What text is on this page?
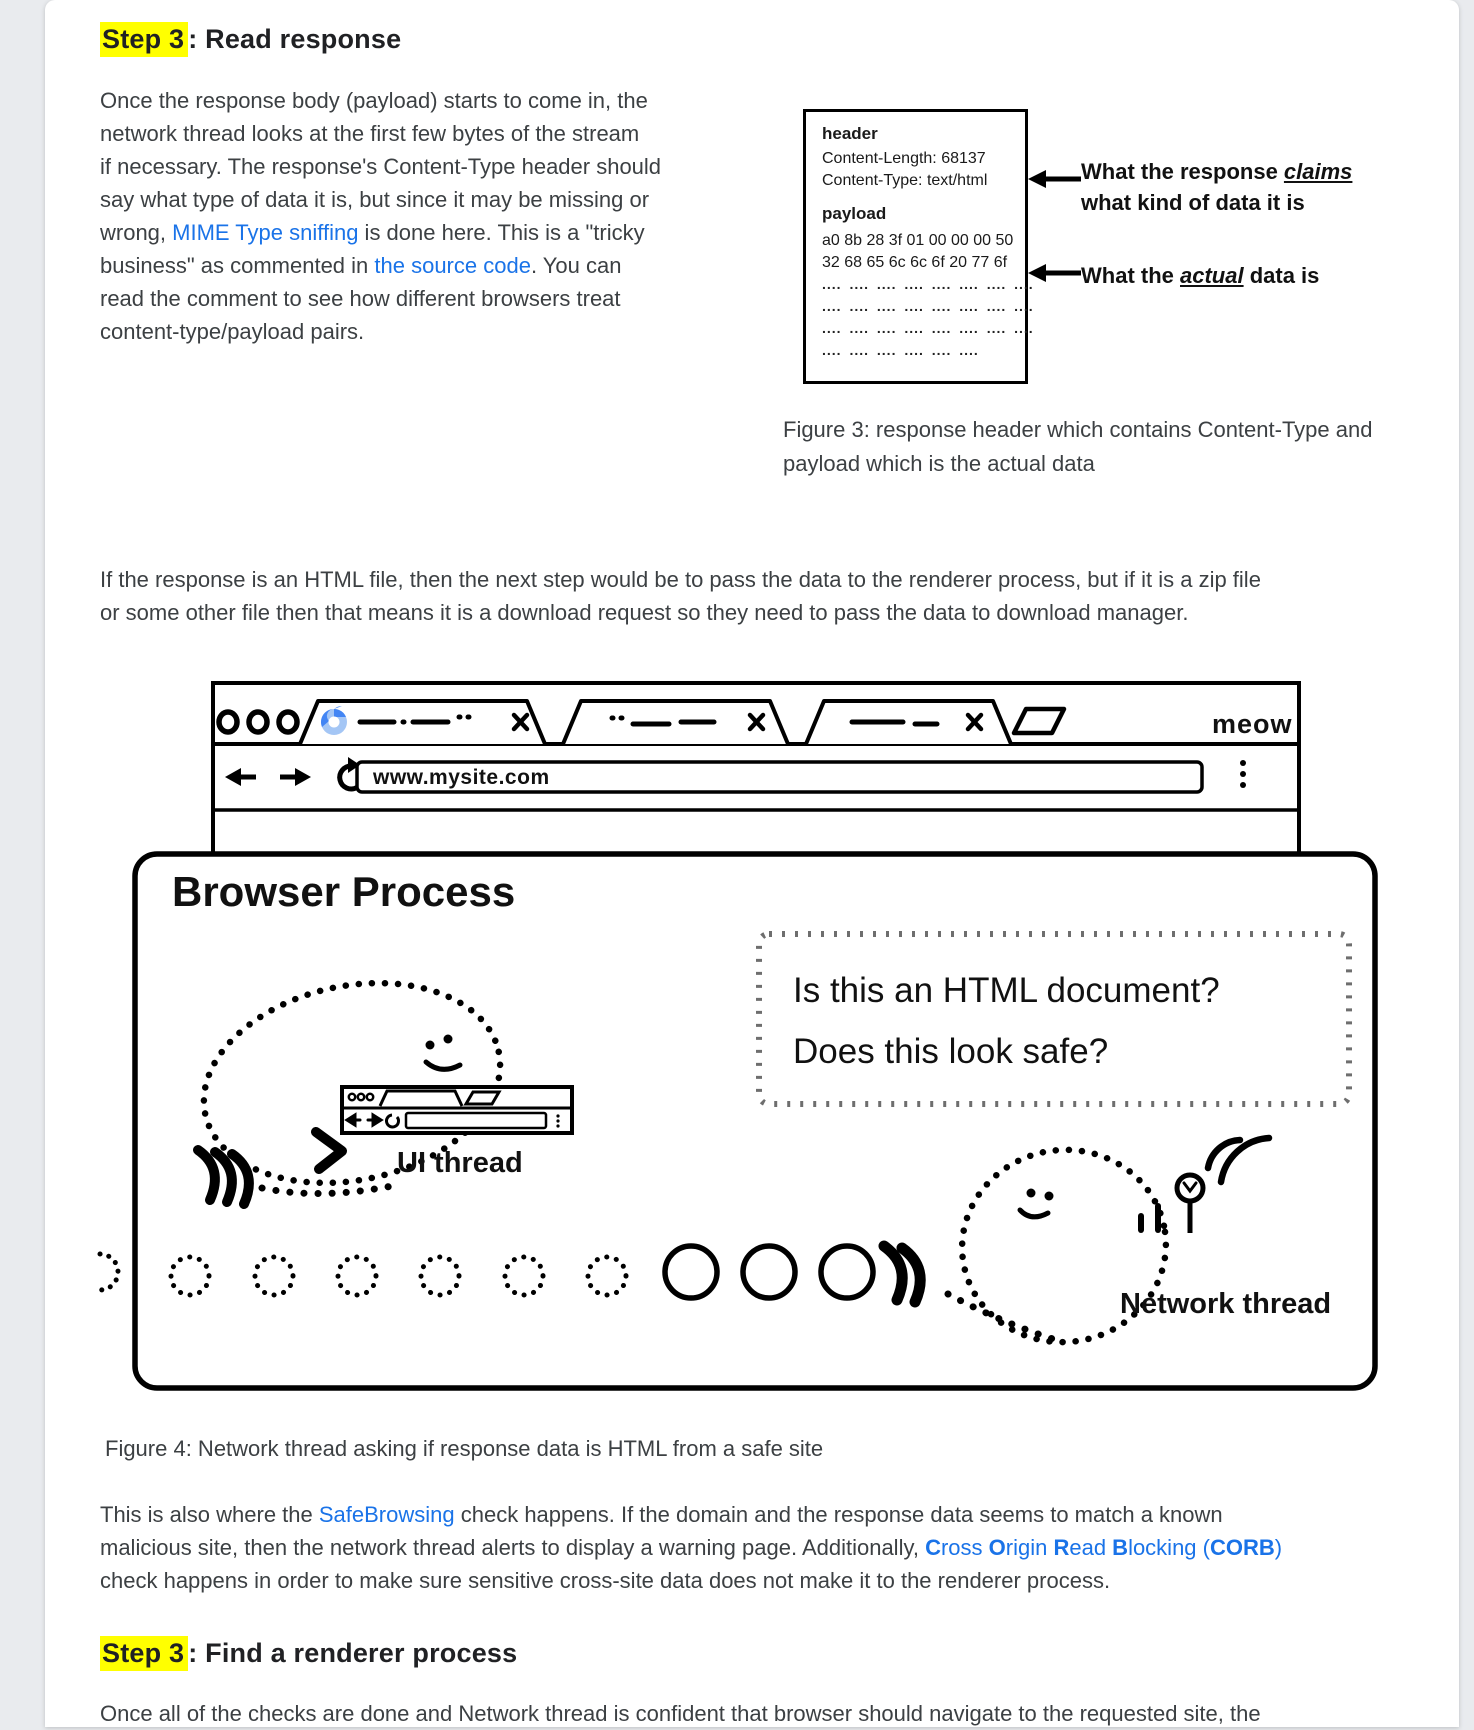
Step 3 : Read response
Once the response body (payload) starts to come in, the
network thread looks at the first few bytes of the stream
if necessary. The response's Content-Type header should
say what type of data it is, but since it may be missing or
wrong, MIME Type sniffing is done here. This is a "tricky
business" as commented in the source code. You can
read the comment to see how different browsers treat
content-type/payload pairs.
header
Content-Length: 68137
Content-Type: text/html
payload
a0 8b 28 3f 01 00 00 00 50
32 68 65 6c 6c 6f 20 77 6f
.... .... .... .... .... .... .... ....
.... .... .... .... .... .... .... ....
.... .... .... .... .... .... .... ....
.... .... .... .... .... ....
What the response claims
what kind of data it is
What the actual data is
Figure 3: response header which contains Content-Type and
payload which is the actual data
If the response is an HTML file, then the next step would be to pass the data to the renderer process, but if it is a zip file
or some other file then that means it is a download request so they need to pass the data to download manager.
meow
www.mysite.com
Browser Process
Is this an HTML document?
Does this look safe?
UI thread
Network thread
Figure 4: Network thread asking if response data is HTML from a safe site
This is also where the SafeBrowsing check happens. If the domain and the response data seems to match a known
malicious site, then the network thread alerts to display a warning page. Additionally, Cross Origin Read Blocking (CORB)
check happens in order to make sure sensitive cross-site data does not make it to the renderer process.
Step 3 : Find a renderer process
Once all of the checks are done and Network thread is confident that browser should navigate to the requested site, the
